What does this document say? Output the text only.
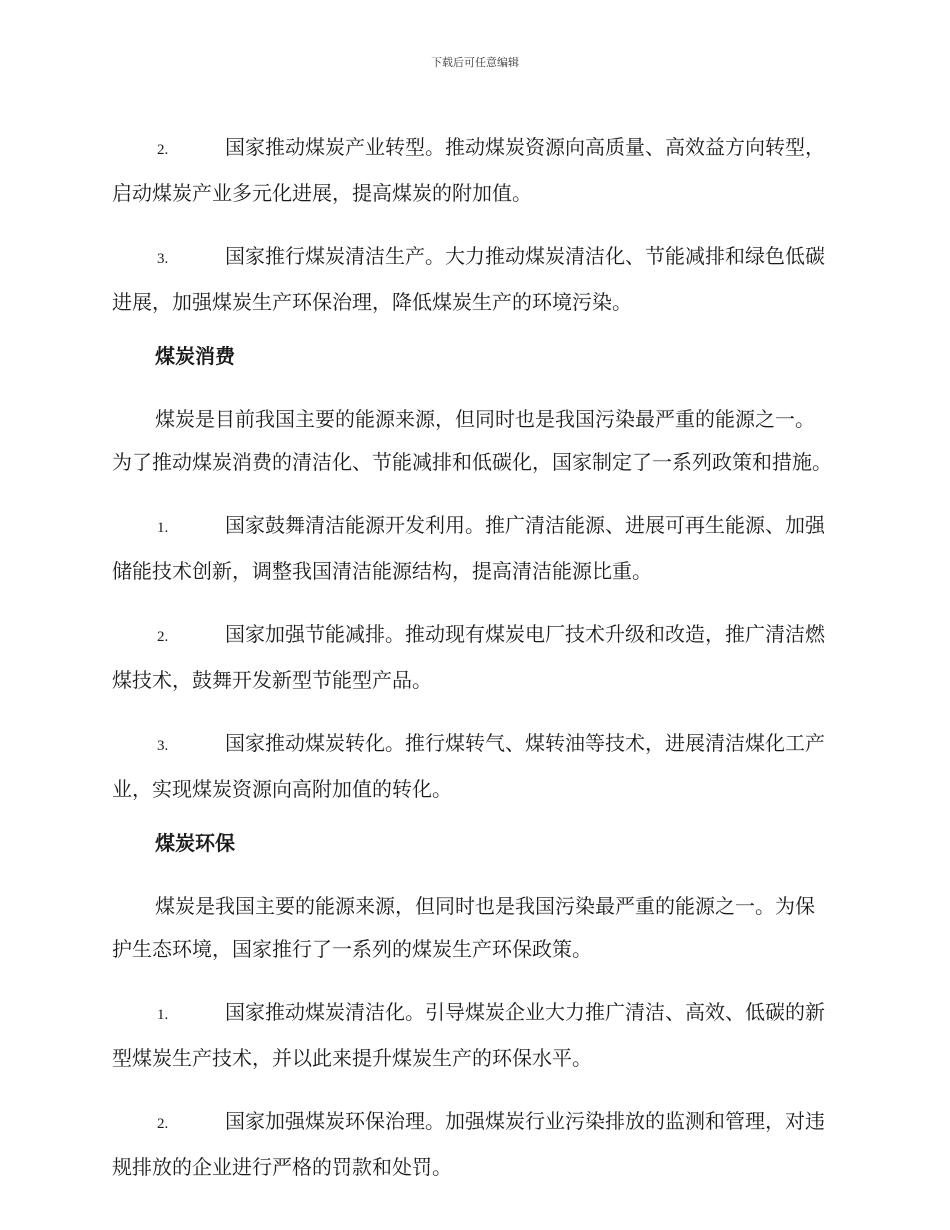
下载后可任意编辑

2.	国家推动煤炭产业转型。推动煤炭资源向高质量、高效益方向转型，启动煤炭产业多元化进展，提高煤炭的附加值。

3.	国家推行煤炭清洁生产。大力推动煤炭清洁化、节能减排和绿色低碳进展，加强煤炭生产环保治理，降低煤炭生产的环境污染。

煤炭消费

煤炭是目前我国主要的能源来源，但同时也是我国污染最严重的能源之一。为了推动煤炭消费的清洁化、节能减排和低碳化，国家制定了一系列政策和措施。

1.	国家鼓舞清洁能源开发利用。推广清洁能源、进展可再生能源、加强储能技术创新，调整我国清洁能源结构，提高清洁能源比重。

2.	国家加强节能减排。推动现有煤炭电厂技术升级和改造，推广清洁燃煤技术，鼓舞开发新型节能型产品。

3.	国家推动煤炭转化。推行煤转气、煤转油等技术，进展清洁煤化工产业，实现煤炭资源向高附加值的转化。

煤炭环保

煤炭是我国主要的能源来源，但同时也是我国污染最严重的能源之一。为保护生态环境，国家推行了一系列的煤炭生产环保政策。

1.	国家推动煤炭清洁化。引导煤炭企业大力推广清洁、高效、低碳的新型煤炭生产技术，并以此来提升煤炭生产的环保水平。

2.	国家加强煤炭环保治理。加强煤炭行业污染排放的监测和管理，对违规排放的企业进行严格的罚款和处罚。
